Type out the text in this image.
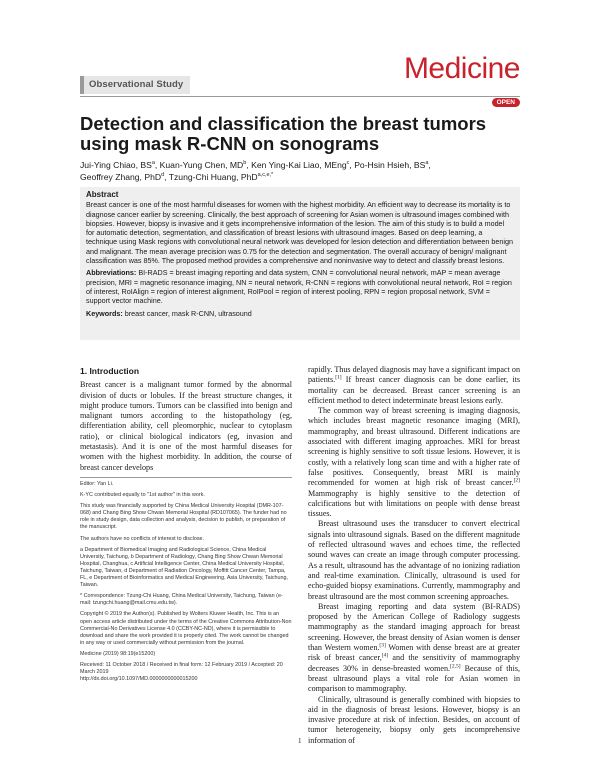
Observational Study	Medicine
OPEN
Detection and classification the breast tumors using mask R-CNN on sonograms
Jui-Ying Chiao, $BS^a$, Kuan-Yung Chen, $MD^b$, Ken Ying-Kai Liao, MEng$^c$, Po-Hsin Hsieh, $BS^a$,
Geoffrey Zhang, PhD$^d$, Tzung-Chi Huang, PhD$^{a,c,e,*}$
Abstract

Breast cancer is one of the most harmful diseases for women with the highest morbidity. An efficient way to decrease its mortality is to diagnose cancer earlier by screening. Clinically, the best approach of screening for Asian women is ultrasound images combined with biopsies. However, biopsy is invasive and it gets incomprehensive information of the lesion. The aim of this study is to build a model for automatic detection, segmentation, and classification of breast lesions with ultrasound images. Based on deep learning, a technique using Mask regions with convolutional neural network was developed for lesion detection and differentiation between benign and malignant. The mean average precision was 0.75 for the detection and segmentation. The overall accuracy of benign/ malignant classification was 85%. The proposed method provides a comprehensive and noninvasive way to detect and classify breast lesions.

Abbreviations: BI-RADS = breast imaging reporting and data system, CNN = convolutional neural network, mAP = mean average precision, MRI = magnetic resonance imaging, NN = neural network, R-CNN = regions with convolutional neural network, RoI = region of interest, RoIAlign = region of interest alignment, RoIPool = region of interest pooling, RPN = region proposal network, SVM = support vector machine.

Keywords: breast cancer, mask R-CNN, ultrasound

1. Introduction

Breast cancer is a malignant tumor formed by the abnormal division of ducts or lobules. If the breast structure changes, it might produce tumors. Tumors can be classified into benign and malignant tumors according to the histopathology (eg, differentiation ability, cell pleomorphic, nuclear to cytoplasm ratio), or clinical biological indicators (eg, invasion and metastasis). And it is one of the most harmful diseases for women with the highest morbidity. In addition, the course of breast cancer develops

Editor: Yan Li.

K-YC contributed equally to "1st author" in this work.

This study was financially supported by China Medical University Hospital (DMR-107-068) and Chang Bing Show Chwan Memorial Hospital (RD107065). The funder had no role in study design, data collection and analysis, decision to publish, or preparation of the manuscript.

The authors have no conflicts of interest to disclose.

a Department of Biomedical Imaging and Radiological Science, China Medical University, Taichung, b Department of Radiology, Chang Bing Show Chwan Memorial Hospital, Changhua, c Artificial Intelligence Center, China Medical University Hospital, Taichung, Taiwan, d Department of Radiation Oncology, Moffitt Cancer Center, Tampa, FL, e Department of Bioinformatics and Medical Engineering, Asia University, Taichung, Taiwan.

* Correspondence: Tzung-Chi Huang, China Medical University, Taichung, Taiwan (e-mail: tzungchi.huang@mail.cmu.edu.tw).

Copyright © 2019 the Author(s). Published by Wolters Kluwer Health, Inc. This is an open access article distributed under the terms of the Creative Commons Attribution-Non Commercial-No Derivatives License 4.0 (CCBY-NC-ND), where it is permissible to download and share the work provided it is properly cited. The work cannot be changed in any way or used commercially without permission from the journal.

Medicine (2019) 98:19(e15200)

Received: 11 October 2018 / Received in final form: 12 February 2019 / Accepted: 20 March 2019

http://dx.doi.org/10.1097/MD.0000000000015200

rapidly. Thus delayed diagnosis may have a significant impact on patients.[1] If breast cancer diagnosis can be done earlier, its mortality can be decreased. Breast cancer screening is an efficient method to detect indeterminate breast lesions early.

The common way of breast screening is imaging diagnosis, which includes breast magnetic resonance imaging (MRI), mammography, and breast ultrasound. Different indications are associated with different imaging approaches. MRI for breast screening is highly sensitive to soft tissue lesions. However, it is costly, with a relatively long scan time and with a higher rate of false positives. Consequently, breast MRI is mainly recommended for women at high risk of breast cancer.[2] Mammography is highly sensitive to the detection of calcifications but with limitations on people with dense breast tissues.

Breast ultrasound uses the transducer to convert electrical signals into ultrasound signals. Based on the different magnitude of reflected ultrasound waves and echoes time, the reflected sound waves can create an image through computer processing. As a result, ultrasound has the advantage of no ionizing radiation and real-time examination. Clinically, ultrasound is used for echo-guided biopsy examinations. Currently, mammography and breast ultrasound are the most common screening approaches.

Breast imaging reporting and data system (BI-RADS) proposed by the American College of Radiology suggests mammography as the standard imaging approach for breast screening. However, the breast density of Asian women is denser than Western women.[3] Women with dense breast are at greater risk of breast cancer,[4] and the sensitivity of mammography decreases 30% in dense-breasted women.[2,5] Because of this, breast ultrasound plays a vital role for Asian women in comparison to mammography.

Clinically, ultrasound is generally combined with biopsies to aid in the diagnosis of breast lesions. However, biopsy is an invasive procedure at risk of infection. Besides, on account of tumor heterogeneity, biopsy only gets incomprehensive information of

1
